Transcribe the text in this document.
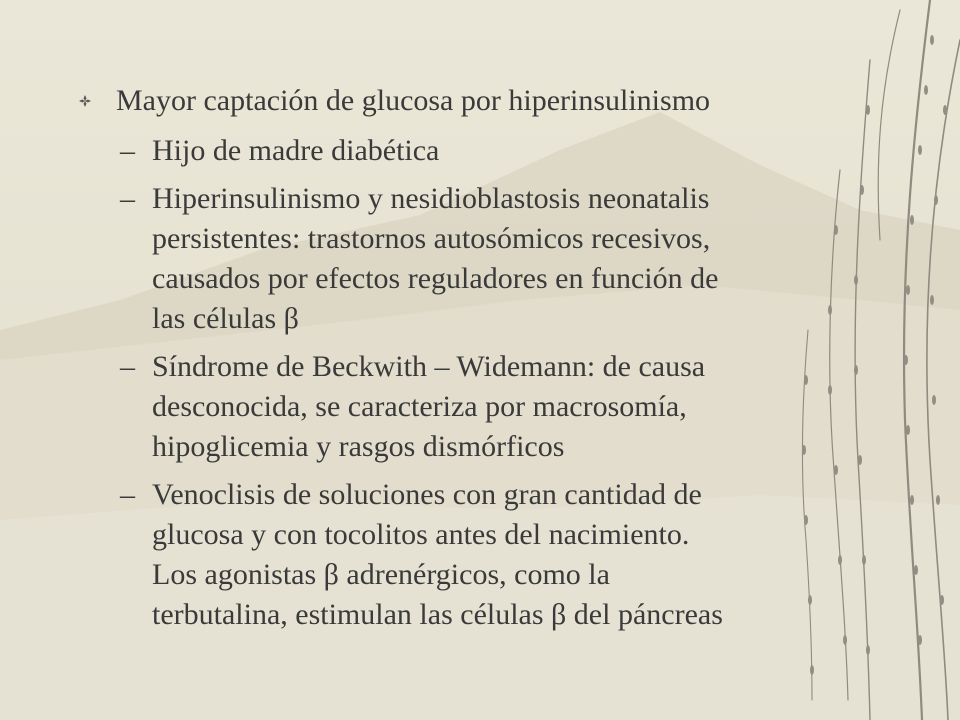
Mayor captación de glucosa por hiperinsulinismo
– Hijo de madre diabética
– Hiperinsulinismo y nesidioblastosis neonatalis
persistentes: trastornos autosómicos recesivos,
causados por efectos reguladores en función de
las células β
– Síndrome de Beckwith – Widemann: de causa
desconocida, se caracteriza por macrosomía,
hipoglicemia y rasgos dismórficos
– Venoclisis de soluciones con gran cantidad de
glucosa y con tocolitos antes del nacimiento.
Los agonistas β adrenérgicos, como la
terbutalina, estimulan las células β del páncreas
